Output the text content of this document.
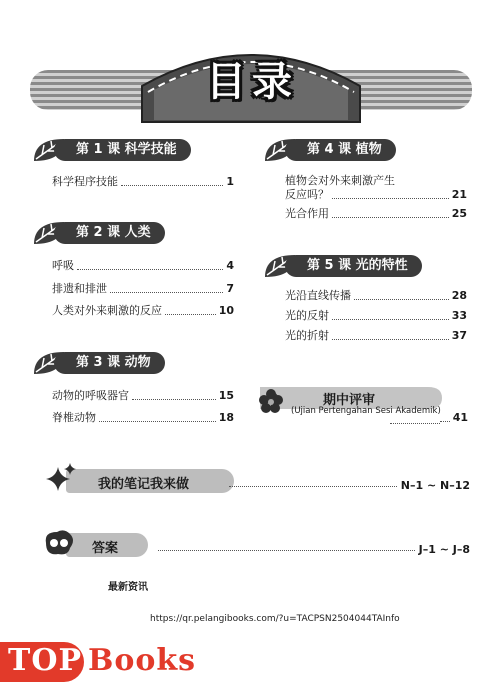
目录
第 1 课 科学技能
科学程序技能	1
第 2 课 人类
呼吸	4
排遗和排泄	7
人类对外来刺激的反应	10
第 3 课 动物
动物的呼吸器官	15
脊椎动物	18
第 4 课 植物
植物会对外来刺激产生
反应吗？	21
光合作用	25
第 5 课 光的特性
光沿直线传播	28
光的反射	33
光的折射	37
期中评审
(Ujian Pertengahan Sesi Akademik) 41
我的笔记我来做	N–1 ~ N–12
答案	J–1 ~ J–8
最新资讯
https://qr.pelangibooks.com/?u=TACPSN2504044TAInfo
TOP Books
